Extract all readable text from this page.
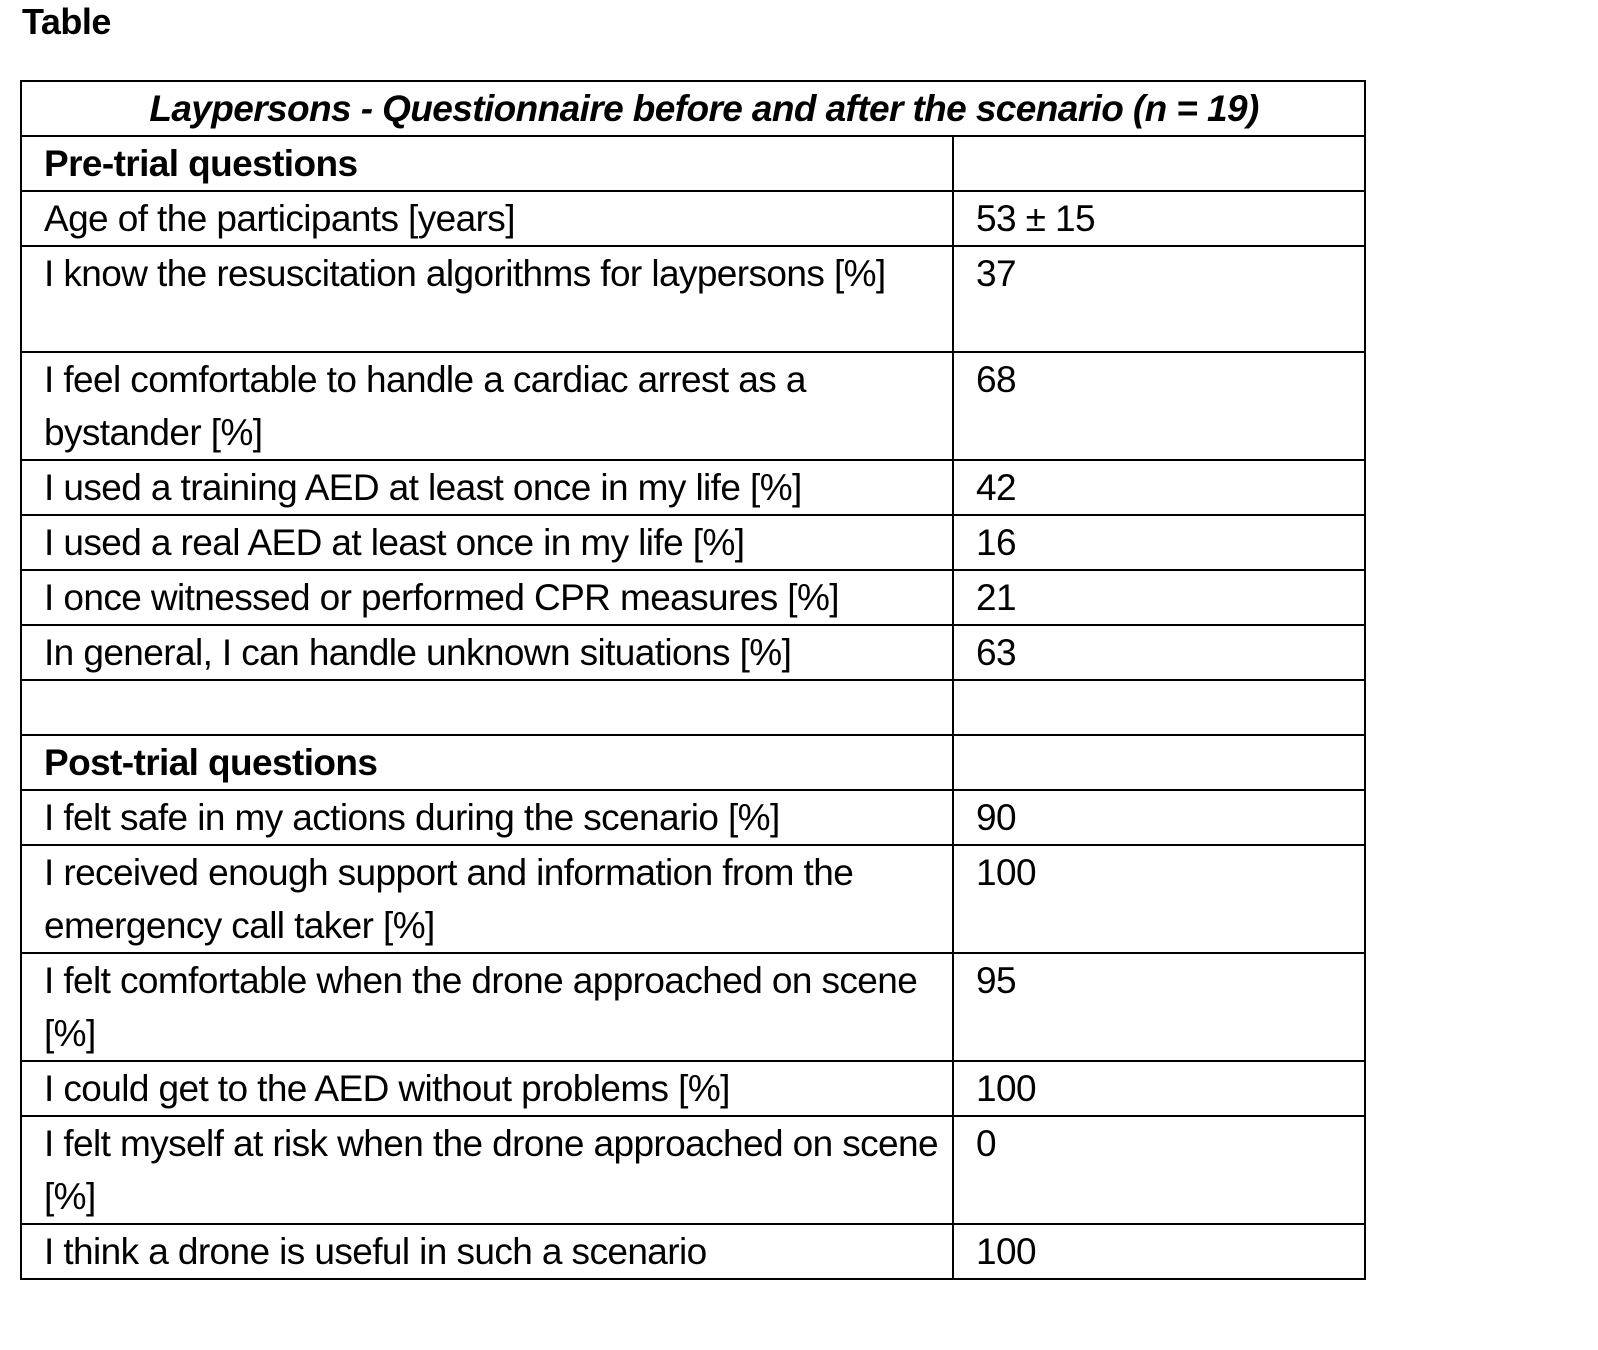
Table
Laypersons - Questionnaire before and after the scenario (n = 19)	
Pre-trial questions	
Age of the participants [years]	53 ± 15
I know the resuscitation algorithms for laypersons [%]	37
I feel comfortable to handle a cardiac arrest as a bystander [%]	68
I used a training AED at least once in my life [%]	42
I used a real AED at least once in my life [%]	16
I once witnessed or performed CPR measures [%]	21
In general, I can handle unknown situations [%]	63

Post-trial questions	
I felt safe in my actions during the scenario [%]	90
I received enough support and information from the emergency call taker [%]	100
I felt comfortable when the drone approached on scene [%]	95
I could get to the AED without problems [%]	100
I felt myself at risk when the drone approached on scene [%]	0
I think a drone is useful in such a scenario	100
